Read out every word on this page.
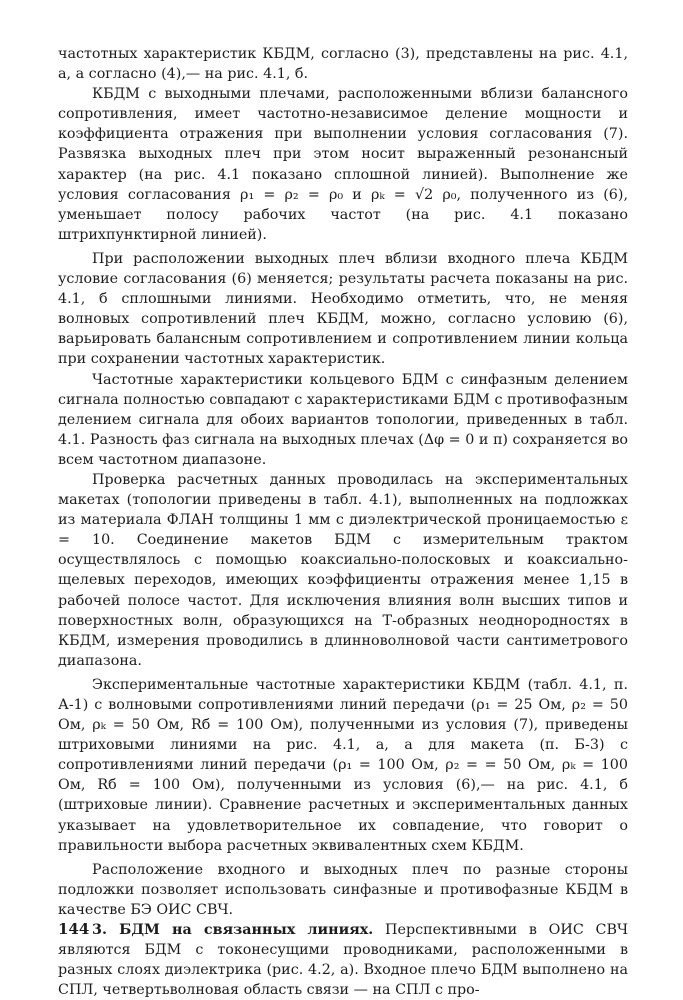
частотных характеристик КБДМ, согласно (3), представлены на рис. 4.1, а, а согласно (4),— на рис. 4.1, б.

КБДМ с выходными плечами, расположенными вблизи балансного сопротивления, имеет частотно-независимое деление мощности и коэффициента отражения при выполнении условия согласования (7). Развязка выходных плеч при этом носит выраженный резонансный характер (на рис. 4.1 показано сплошной линией). Выполнение же условия согласования ρ₁ = ρ₂ = ρ₀ и ρₖ = √2 ρ₀, полученного из (6), уменьшает полосу рабочих частот (на рис. 4.1 показано штрихпунктирной линией).

При расположении выходных плеч вблизи входного плеча КБДМ условие согласования (6) меняется; результаты расчета показаны на рис. 4.1, б сплошными линиями. Необходимо отметить, что, не меняя волновых сопротивлений плеч КБДМ, можно, согласно условию (6), варьировать балансным сопротивлением и сопротивлением линии кольца при сохранении частотных характеристик.

Частотные характеристики кольцевого БДМ с синфазным делением сигнала полностью совпадают с характеристиками БДМ с противофазным делением сигнала для обоих вариантов топологии, приведенных в табл. 4.1. Разность фаз сигнала на выходных плечах (Δφ = 0 и π) сохраняется во всем частотном диапазоне.

Проверка расчетных данных проводилась на экспериментальных макетах (топологии приведены в табл. 4.1), выполненных на подложках из материала ФЛАН толщины 1 мм с диэлектрической проницаемостью ε = 10. Соединение макетов БДМ с измерительным трактом осуществлялось с помощью коаксиально-полосковых и коаксиально-щелевых переходов, имеющих коэффициенты отражения менее 1,15 в рабочей полосе частот. Для исключения влияния волн высших типов и поверхностных волн, образующихся на Т-образных неоднородностях в КБДМ, измерения проводились в длинноволновой части сантиметрового диапазона.

Экспериментальные частотные характеристики КБДМ (табл. 4.1, п. А-1) с волновыми сопротивлениями линий передачи (ρ₁ = 25 Ом, ρ₂ = 50 Ом, ρₖ = 50 Ом, Rб = 100 Ом), полученными из условия (7), приведены штриховыми линиями на рис. 4.1, а, а для макета (п. Б-3) с сопротивлениями линий передачи (ρ₁ = 100 Ом, ρ₂ = = 50 Ом, ρₖ = 100 Ом, Rб = 100 Ом), полученными из условия (6),— на рис. 4.1, б (штриховые линии). Сравнение расчетных и экспериментальных данных указывает на удовлетворительное их совпадение, что говорит о правильности выбора расчетных эквивалентных схем КБДМ.

Расположение входного и выходных плеч по разные стороны подложки позволяет использовать синфазные и противофазные КБДМ в качестве БЭ ОИС СВЧ.

3. БДМ на связанных линиях. Перспективными в ОИС СВЧ являются БДМ с токонесущими проводниками, расположенными в разных слоях диэлектрика (рис. 4.2, а). Входное плечо БДМ выполнено на СПЛ, четвертьволновая область связи — на СПЛ с про-

144
